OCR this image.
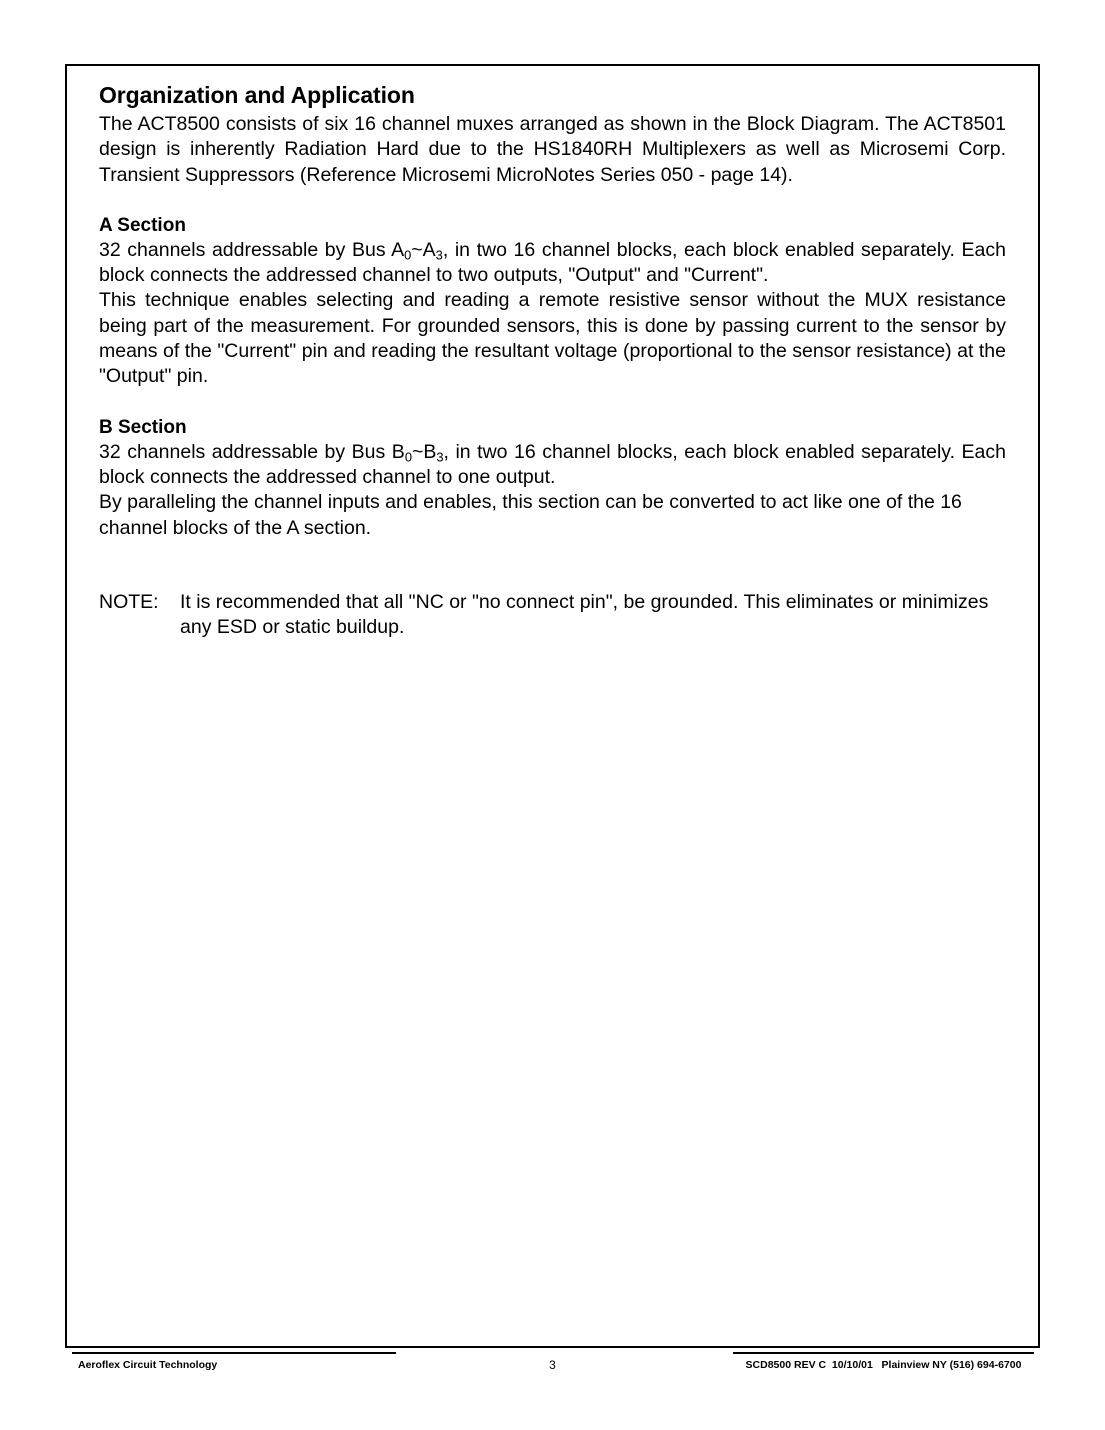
Organization and Application

The ACT8500 consists of six 16 channel muxes arranged as shown in the Block Diagram. The ACT8501 design is inherently Radiation Hard due to the HS1840RH Multiplexers as well as Microsemi Corp. Transient Suppressors (Reference Microsemi MicroNotes Series 050 - page 14).

A Section

32 channels addressable by Bus $A_0\sim A_3$, in two 16 channel blocks, each block enabled separately. Each block connects the addressed channel to two outputs, "Output" and "Current".

This technique enables selecting and reading a remote resistive sensor without the MUX resistance being part of the measurement. For grounded sensors, this is done by passing current to the sensor by means of the "Current" pin and reading the resultant voltage (proportional to the sensor resistance) at the "Output" pin.

B Section

32 channels addressable by Bus $B_0\sim B_3$, in two 16 channel blocks, each block enabled separately. Each block connects the addressed channel to one output.

By paralleling the channel inputs and enables, this section can be converted to act like one of the 16 channel blocks of the A section.

NOTE: It is recommended that all "NC or "no connect pin", be grounded. This eliminates or minimizes any ESD or static buildup.
Aeroflex Circuit Technology	3	SCD8500 REV C  10/10/01   Plainview NY (516) 694-6700
